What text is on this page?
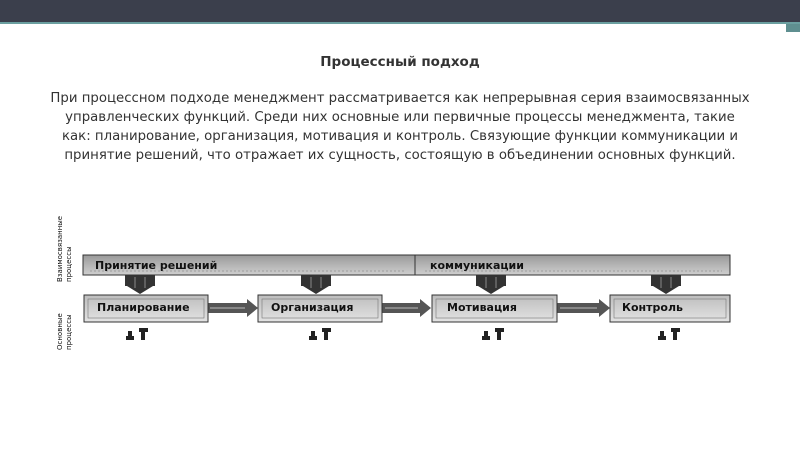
Процессный подход
При процессном подходе менеджмент рассматривается как непрерывная серия взаимосвязанных управленческих функций. Среди них основные или первичные процессы менеджмента, такие как: планирование, организация, мотивация и контроль. Связующие функции коммуникации и принятие решений, что отражает их сущность, состоящую в объединении основных функций.
Взаимосвязанные процессы
Основные процессы
Принятие решений	коммуникации
Планирование	Организация	Мотивация	Контроль
